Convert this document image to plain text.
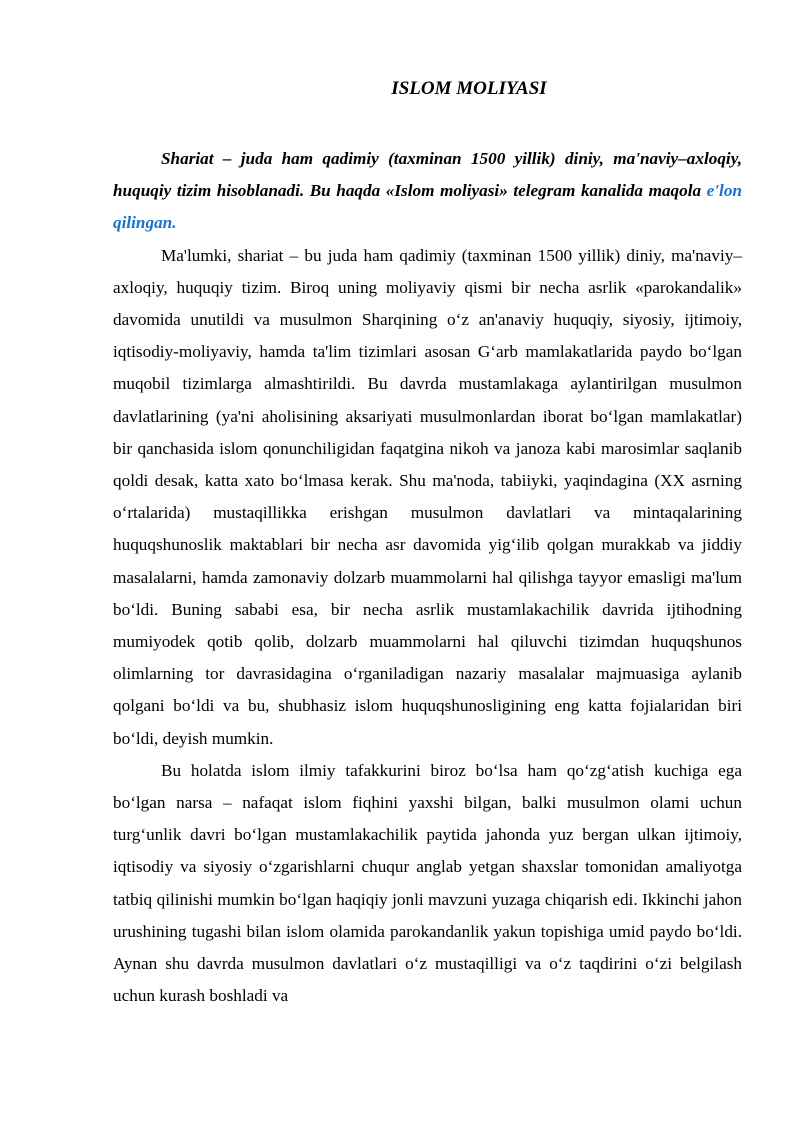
ISLOM MOLIYASI

Shariat – juda ham qadimiy (taxminan 1500 yillik) diniy, ma'naviy–axloqiy, huquqiy tizim hisoblanadi. Bu haqda «Islom moliyasi» telegram kanalida maqola e'lon qilingan.

Ma'lumki, shariat – bu juda ham qadimiy (taxminan 1500 yillik) diniy, ma'naviy–axloqiy, huquqiy tizim. Biroq uning moliyaviy qismi bir necha asrlik «parokandalik» davomida unutildi va musulmon Sharqining o‘z an'anaviy huquqiy, siyosiy, ijtimoiy, iqtisodiy-moliyaviy, hamda ta'lim tizimlari asosan G‘arb mamlakatlarida paydo bo‘lgan muqobil tizimlarga almashtirildi. Bu davrda mustamlakaga aylantirilgan musulmon davlatlarining (ya'ni aholisining aksariyati musulmonlardan iborat bo‘lgan mamlakatlar) bir qanchasida islom qonunchiligidan faqatgina nikoh va janoza kabi marosimlar saqlanib qoldi desak, katta xato bo‘lmasa kerak. Shu ma'noda, tabiiyki, yaqindagina (XX asrning o‘rtalarida) mustaqillikka erishgan musulmon davlatlari va mintaqalarining huquqshunoslik maktablari bir necha asr davomida yig‘ilib qolgan murakkab va jiddiy masalalarni, hamda zamonaviy dolzarb muammolarni hal qilishga tayyor emasligi ma'lum bo‘ldi. Buning sababi esa, bir necha asrlik mustamlakachilik davrida ijtihodning mumiyodek qotib qolib, dolzarb muammolarni hal qiluvchi tizimdan huquqshunos olimlarning tor davrasidagina o‘rganiladigan nazariy masalalar majmuasiga aylanib qolgani bo‘ldi va bu, shubhasiz islom huquqshunosligining eng katta fojialaridan biri bo‘ldi, deyish mumkin.

Bu holatda islom ilmiy tafakkurini biroz bo‘lsa ham qo‘zg‘atish kuchiga ega bo‘lgan narsa – nafaqat islom fiqhini yaxshi bilgan, balki musulmon olami uchun turg‘unlik davri bo‘lgan mustamlakachilik paytida jahonda yuz bergan ulkan ijtimoiy, iqtisodiy va siyosiy o‘zgarishlarni chuqur anglab yetgan shaxslar tomonidan amaliyotga tatbiq qilinishi mumkin bo‘lgan haqiqiy jonli mavzuni yuzaga chiqarish edi. Ikkinchi jahon urushining tugashi bilan islom olamida parokandanlik yakun topishiga umid paydo bo‘ldi. Aynan shu davrda musulmon davlatlari o‘z mustaqilligi va o‘z taqdirini o‘zi belgilash uchun kurash boshladi va
